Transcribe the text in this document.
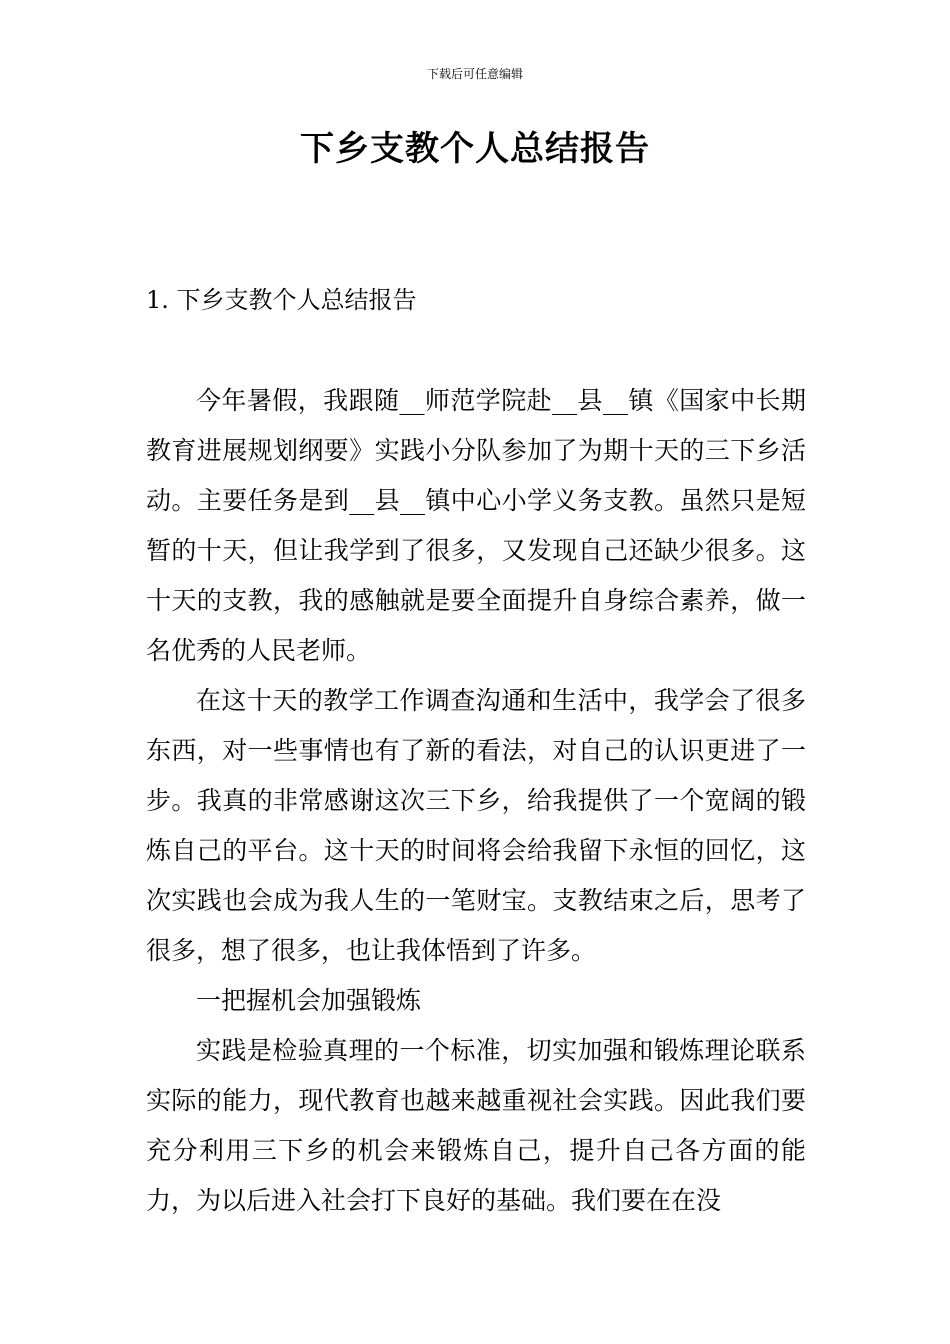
下载后可任意编辑
下乡支教个人总结报告
1. 下乡支教个人总结报告

今年暑假，我跟随__师范学院赴__县__镇《国家中长期教育进展规划纲要》实践小分队参加了为期十天的三下乡活动。主要任务是到__县__镇中心小学义务支教。虽然只是短暂的十天，但让我学到了很多，又发现自己还缺少很多。这十天的支教，我的感触就是要全面提升自身综合素养，做一名优秀的人民老师。

在这十天的教学工作调查沟通和生活中，我学会了很多东西，对一些事情也有了新的看法，对自己的认识更进了一步。我真的非常感谢这次三下乡，给我提供了一个宽阔的锻炼自己的平台。这十天的时间将会给我留下永恒的回忆，这次实践也会成为我人生的一笔财宝。支教结束之后，思考了很多，想了很多，也让我体悟到了许多。

一把握机会加强锻炼

实践是检验真理的一个标准，切实加强和锻炼理论联系实际的能力，现代教育也越来越重视社会实践。因此我们要充分利用三下乡的机会来锻炼自己，提升自己各方面的能力，为以后进入社会打下良好的基础。我们要在在没
